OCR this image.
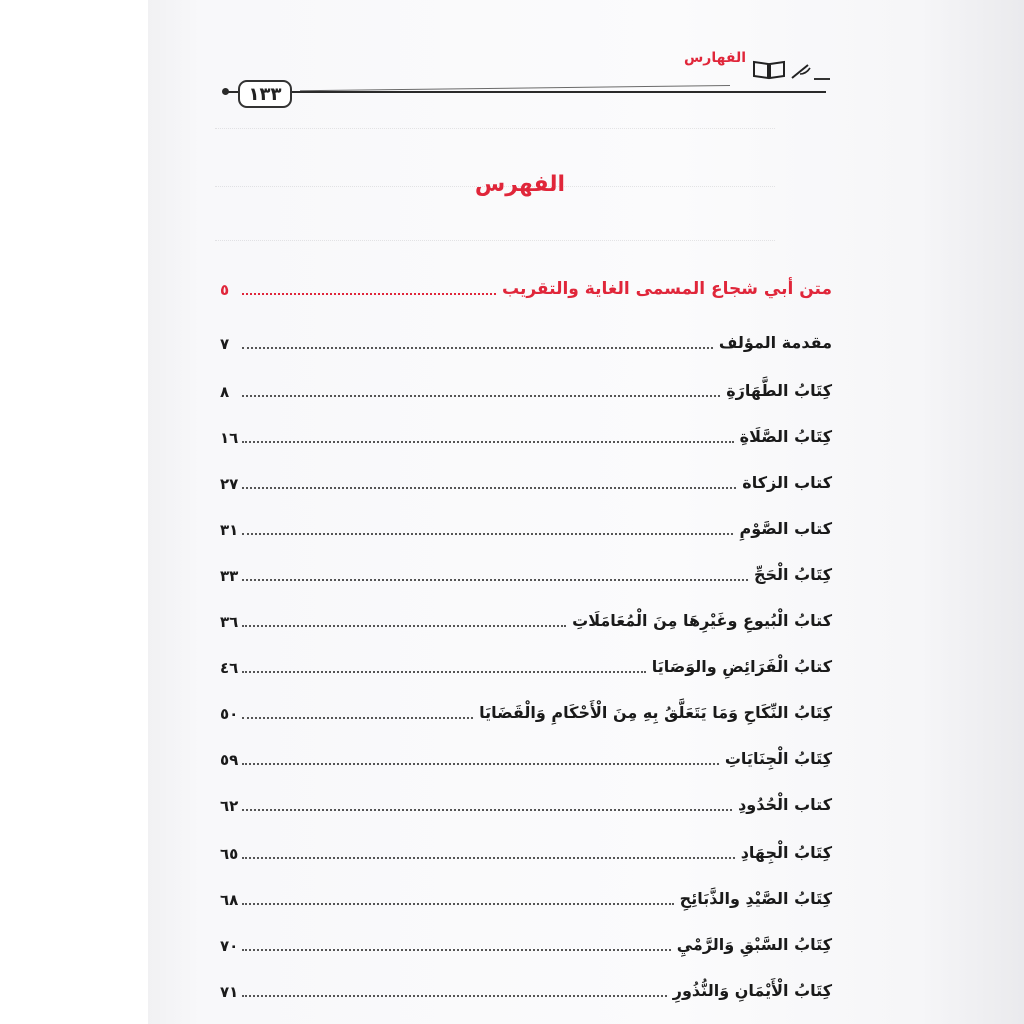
١٣٣
الفهارس
الفهرس
متن أبي شجاع المسمى الغاية والتقريب
٥
مقدمة المؤلف
٧
كِتَابُ الطَّهَارَةِ
٨
كِتَابُ الصَّلَاةِ
١٦
كتاب الزكاة
٢٧
كتاب الصَّوْمِ
٣١
كِتَابُ الْحَجِّ
٣٣
كتابُ الْبُيوعِ وغَيْرِهَا مِنَ الْمُعَامَلَاتِ
٣٦
كتابُ الْفَرَائِضِ والوَصَايَا
٤٦
كِتَابُ النِّكَاحِ وَمَا يَتَعَلَّقُ بِهِ مِنَ الْأَحْكَامِ وَالْقَضَايَا
٥٠
كِتَابُ الْجِنَايَاتِ
٥٩
كتاب الْحُدُودِ
٦٢
كِتَابُ الْجِهَادِ
٦٥
كِتَابُ الصَّيْدِ والذَّبَائِحِ
٦٨
كِتَابُ السَّبْقِ وَالرَّمْيِ
٧٠
كِتَابُ الْأَيْمَانِ وَالنُّذُورِ
٧١
